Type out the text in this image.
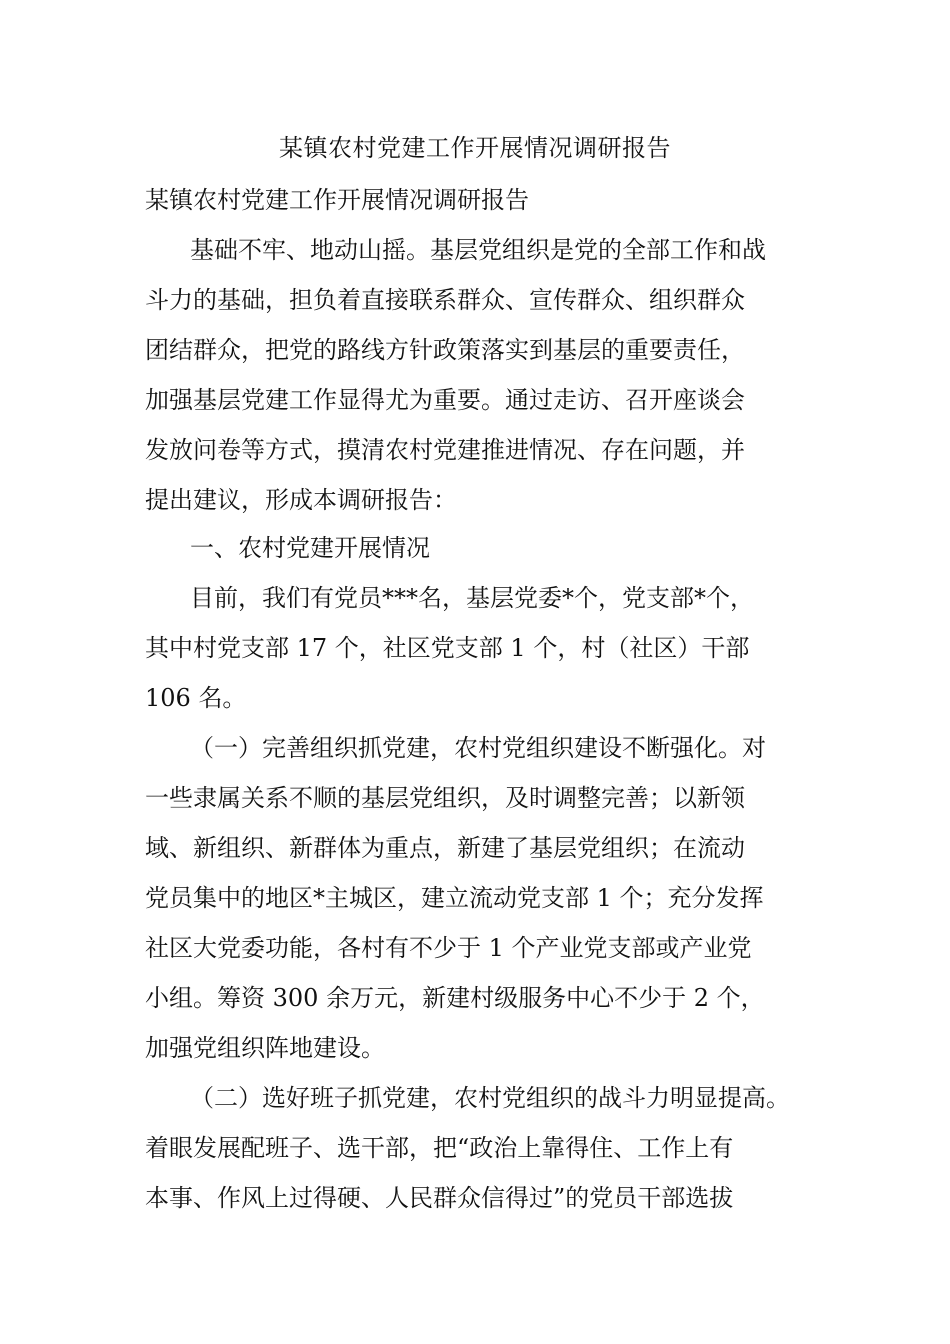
某镇农村党建工作开展情况调研报告
某镇农村党建工作开展情况调研报告
基础不牢、地动山摇。基层党组织是党的全部工作和战
斗力的基础，担负着直接联系群众、宣传群众、组织群众
团结群众，把党的路线方针政策落实到基层的重要责任，
加强基层党建工作显得尤为重要。通过走访、召开座谈会
发放问卷等方式，摸清农村党建推进情况、存在问题，并
提出建议，形成本调研报告：
一、农村党建开展情况
目前，我们有党员***名，基层党委*个，党支部*个，
其中村党支部 17 个，社区党支部 1 个，村（社区）干部
106 名。
（一）完善组织抓党建，农村党组织建设不断强化。对
一些隶属关系不顺的基层党组织，及时调整完善；以新领
域、新组织、新群体为重点，新建了基层党组织；在流动
党员集中的地区*主城区，建立流动党支部 1 个；充分发挥
社区大党委功能，各村有不少于 1 个产业党支部或产业党
小组。筹资 300 余万元，新建村级服务中心不少于 2 个，
加强党组织阵地建设。
（二）选好班子抓党建，农村党组织的战斗力明显提高。
着眼发展配班子、选干部，把“政治上靠得住、工作上有
本事、作风上过得硬、人民群众信得过”的党员干部选拔
